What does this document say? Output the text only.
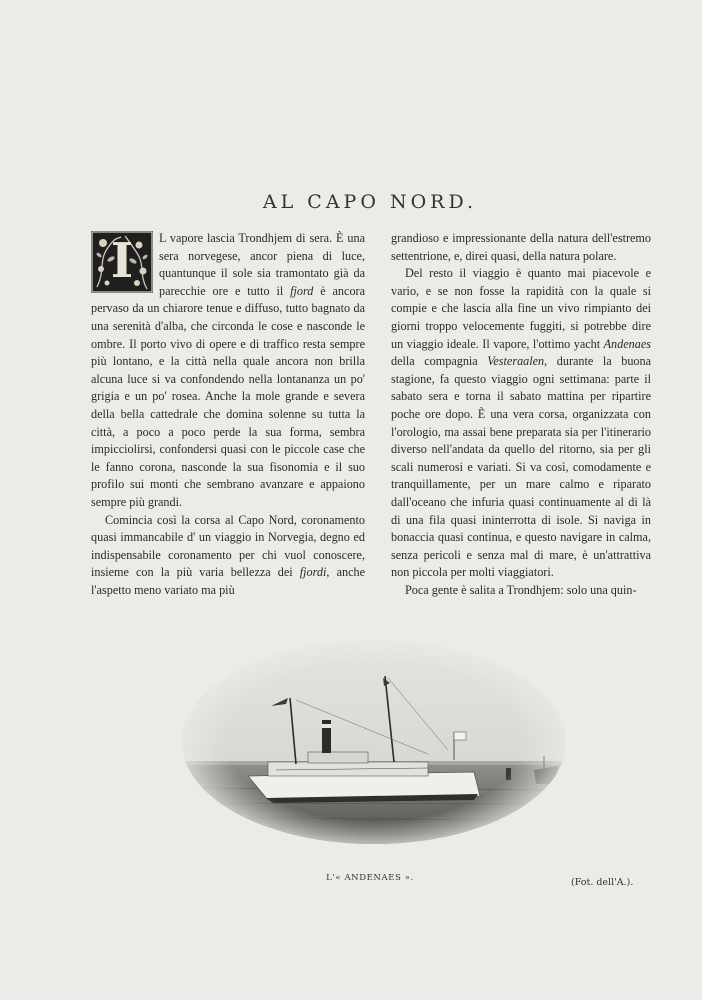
AL CAPO NORD.

I	L vapore lascia Trondhjem di sera. È una sera norvegese, ancor piena di luce, quantunque il sole sia tramontato già da parecchie ore e tutto il fjord è ancora pervaso da un chiarore tenue e diffuso, tutto bagnato da una serenità d'alba, che circonda le cose e nasconde le ombre. Il porto vivo di opere e di traffico resta sempre più lontano, e la città nella quale ancora non brilla alcuna luce si va confondendo nella lontananza un po' grigia e un po' rosea. Anche la mole grande e severa della bella cattedrale che domina solenne su tutta la città, a poco a poco perde la sua forma, sembra impicciolirsi, confondersi quasi con le piccole case che le fanno corona, nasconde la sua fisonomia e il suo profilo sui monti che sembrano avanzare e appaiono sempre più grandi.

Comincia così la corsa al Capo Nord, coronamento quasi immancabile d' un viaggio in Norvegia, degno ed indispensabile coronamento per chi vuol conoscere, insieme con la più varia bellezza dei fjordi, anche l'aspetto meno variato ma più

grandioso e impressionante della natura dell'estremo settentrione, e, direi quasi, della natura polare.

Del resto il viaggio è quanto mai piacevole e vario, e se non fosse la rapidità con la quale si compie e che lascia alla fine un vivo rimpianto dei giorni troppo velocemente fuggiti, si potrebbe dire un viaggio ideale. Il vapore, l'ottimo yacht Andenaes della compagnia Vesteraalen, durante la buona stagione, fa questo viaggio ogni settimana: parte il sabato sera e torna il sabato mattina per ripartire poche ore dopo. È una vera corsa, organizzata con l'orologio, ma assai bene preparata sia per l'itinerario diverso nell'andata da quello del ritorno, sia per gli scali numerosi e variati. Si va così, comodamente e tranquillamente, per un mare calmo e riparato dall'oceano che infuria quasi continuamente al di là di una fila quasi ininterrotta di isole. Si naviga in bonaccia quasi continua, e questo navigare in calma, senza pericoli e senza mal di mare, è un'attrattiva non piccola per molti viaggiatori.

Poca gente è salita a Trondhjem: solo una quin-

L'« ANDENAES ».	(Fot. dell'A.).
